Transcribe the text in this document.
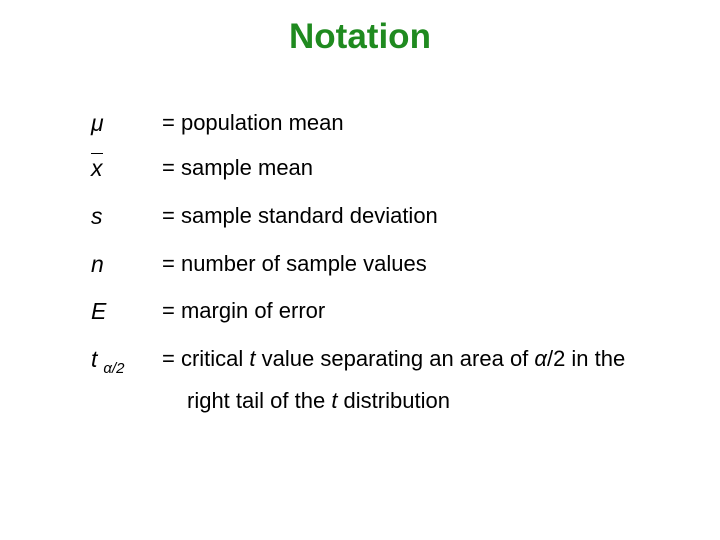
Notation
μ	= population mean
x	= sample mean
s	= sample standard deviation
n	= number of sample values
E	= margin of error
t $_{\alpha/2}$ = critical t value separating an area of α/2 in the
right tail of the t distribution
